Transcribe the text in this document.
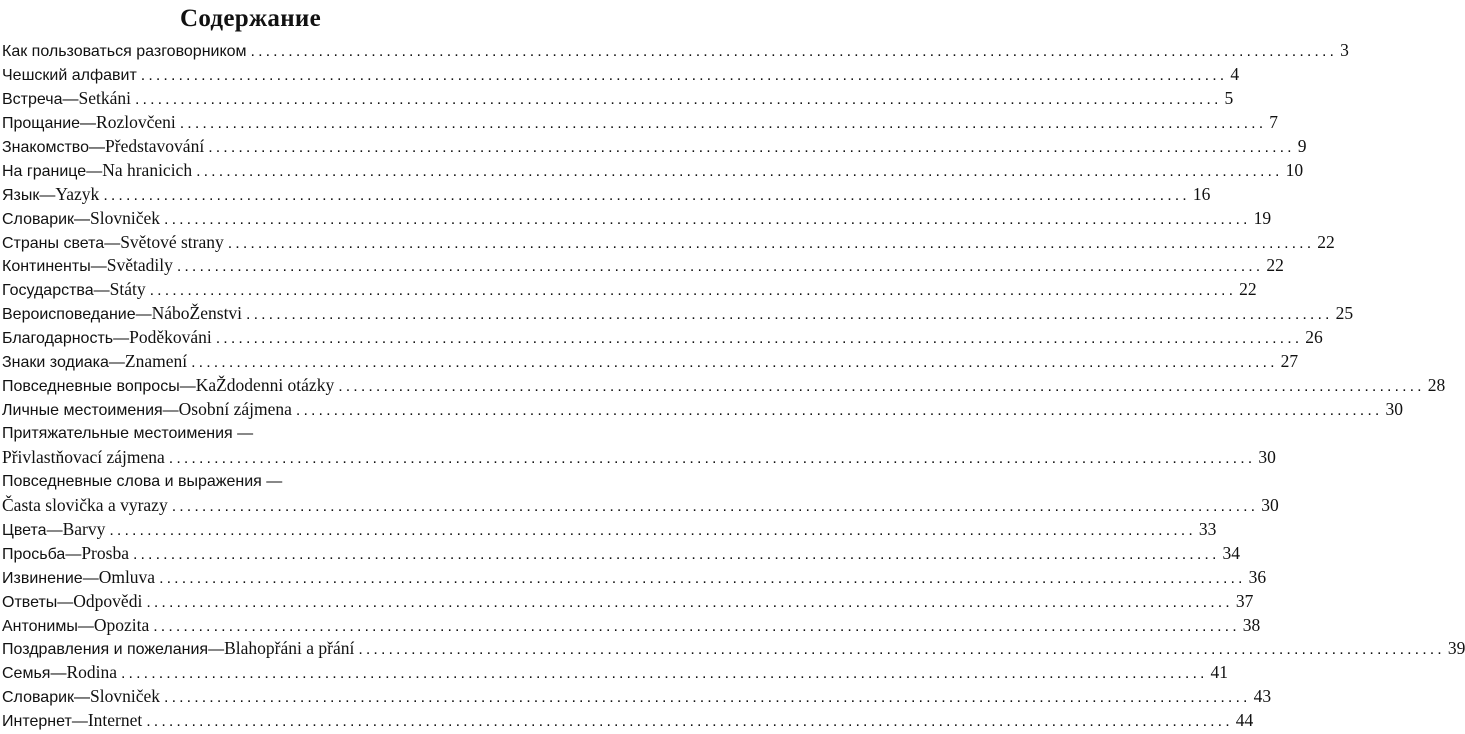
Содержание
Как пользоваться разговорником .....	3
Чешский алфавит .....	4
Встреча — Setkáni .....	5
Прощание — Rozlovčeni .....	7
Знакомство — Představování .....	9
На границе — Na hranicich .....	10
Язык — Yazyk .....	16
Словарик — Slovniček .....	19
Страны света — Světové strany .....	22
Континенты — Světadily .....	22
Государства — Státy .....	22
Вероисповедание — NáboŽenstvi .....	25
Благодарность — Poděkováni .....	26
Знаки зодиака — Znamení .....	27
Повседневные вопросы — KaŽdodenni otázky .....	28
Личные местоимения — Osobní zájmena .....	30
Притяжательные местоимения —
Přivlastňovací zájmena .....	30
Повседневные слова и выражения —
Časta slovička a vyrazy .....	30
Цвета — Barvy .....	33
Просьба — Prosba .....	34
Извинение — Omluva .....	36
Ответы — Odpovědi .....	37
Антонимы — Opozita .....	38
Поздравления и пожелания — Blahopřáni a přání .....	39
Семья — Rodina .....	41
Словарик — Slovniček .....	43
Интернет — Internet .....	44
